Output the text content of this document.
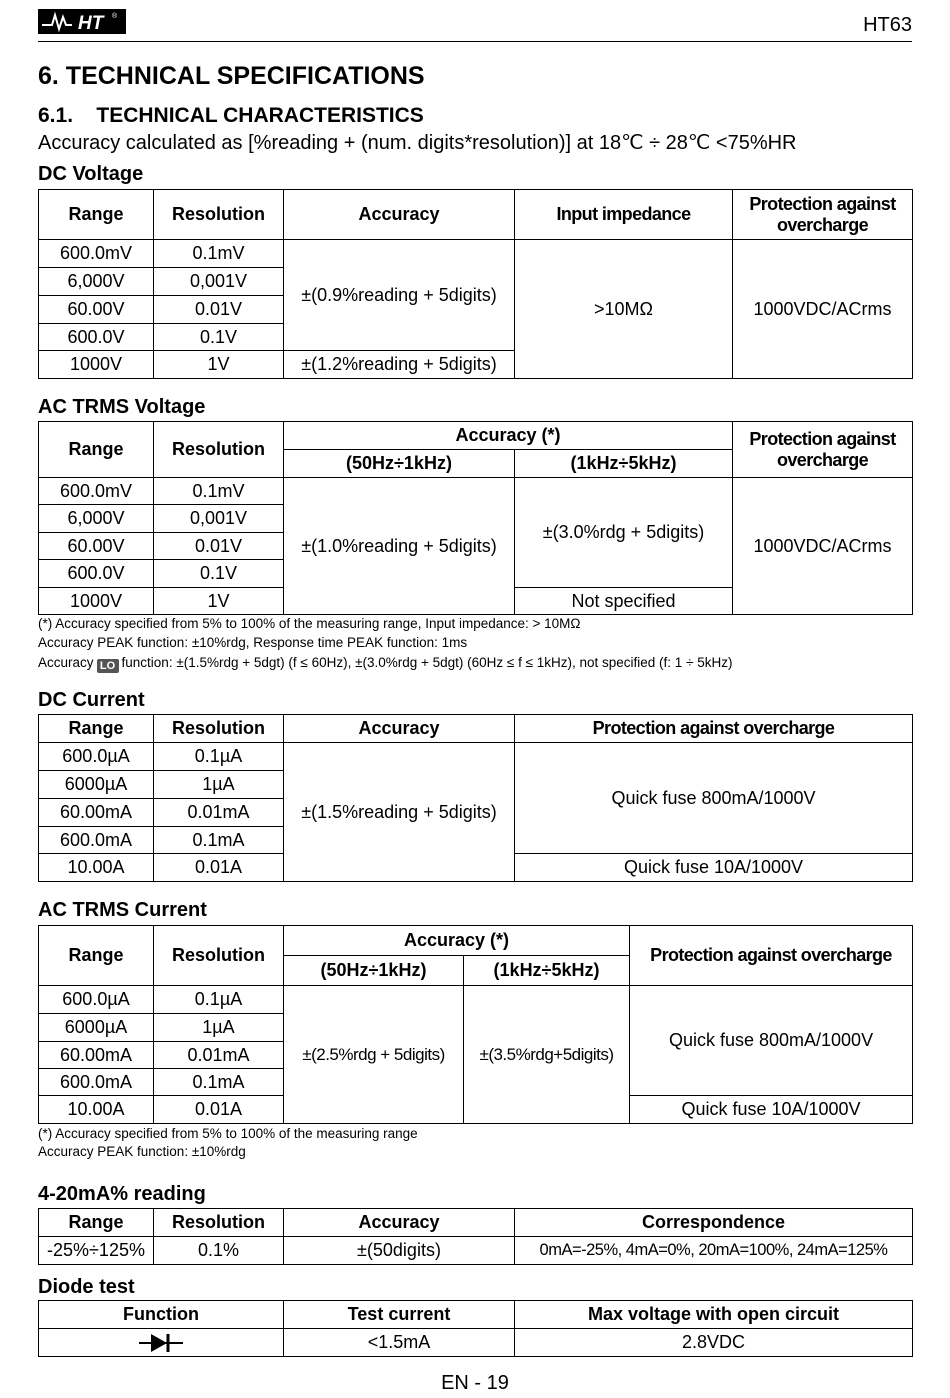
HT ®	HT63
6. TECHNICAL SPECIFICATIONS
6.1.    TECHNICAL CHARACTERISTICS
Accuracy calculated as [%reading + (num. digits*resolution)] at 18℃ ÷ 28℃ <75%HR
DC Voltage
Range	Resolution	Accuracy	Input impedance	Protection against overcharge
600.0mV	0.1mV	±(0.9%reading + 5digits)	>10MΩ	1000VDC/ACrms
6,000V	0,001V			
60.00V	0.01V			
600.0V	0.1V			
1000V	1V	±(1.2%reading + 5digits)		
AC TRMS Voltage
Range	Resolution	Accuracy (*)		Protection against overcharge
		(50Hz÷1kHz)	(1kHz÷5kHz)	
600.0mV	0.1mV	±(1.0%reading + 5digits)	±(3.0%rdg + 5digits)	1000VDC/ACrms
6,000V	0,001V			
60.00V	0.01V			
600.0V	0.1V			
1000V	1V		Not specified	
(*) Accuracy specified from 5% to 100% of the measuring range, Input impedance: > 10MΩ
Accuracy PEAK function: ±10%rdg, Response time PEAK function: 1ms
Accuracy LO function: ±(1.5%rdg + 5dgt) (f ≤ 60Hz), ±(3.0%rdg + 5dgt) (60Hz ≤ f ≤ 1kHz), not specified (f: 1 ÷ 5kHz)
DC Current
Range	Resolution	Accuracy	Protection against overcharge
600.0µA	0.1µA	±(1.5%reading + 5digits)	Quick fuse 800mA/1000V
6000µA	1µA		
60.00mA	0.01mA		
600.0mA	0.1mA		
10.00A	0.01A		Quick fuse 10A/1000V
AC TRMS Current
Range	Resolution	Accuracy (*)		Protection against overcharge
		(50Hz÷1kHz)	(1kHz÷5kHz)	
600.0µA	0.1µA	±(2.5%rdg + 5digits)	±(3.5%rdg+5digits)	Quick fuse 800mA/1000V
6000µA	1µA			
60.00mA	0.01mA			
600.0mA	0.1mA			
10.00A	0.01A			Quick fuse 10A/1000V
(*) Accuracy specified from 5% to 100% of the measuring range
Accuracy PEAK function: ±10%rdg
4-20mA% reading
Range	Resolution	Accuracy	Correspondence
-25%÷125%	0.1%	±(50digits)	0mA=-25%, 4mA=0%, 20mA=100%, 24mA=125%
Diode test
Function	Test current	Max voltage with open circuit
	<1.5mA	2.8VDC
EN - 19
